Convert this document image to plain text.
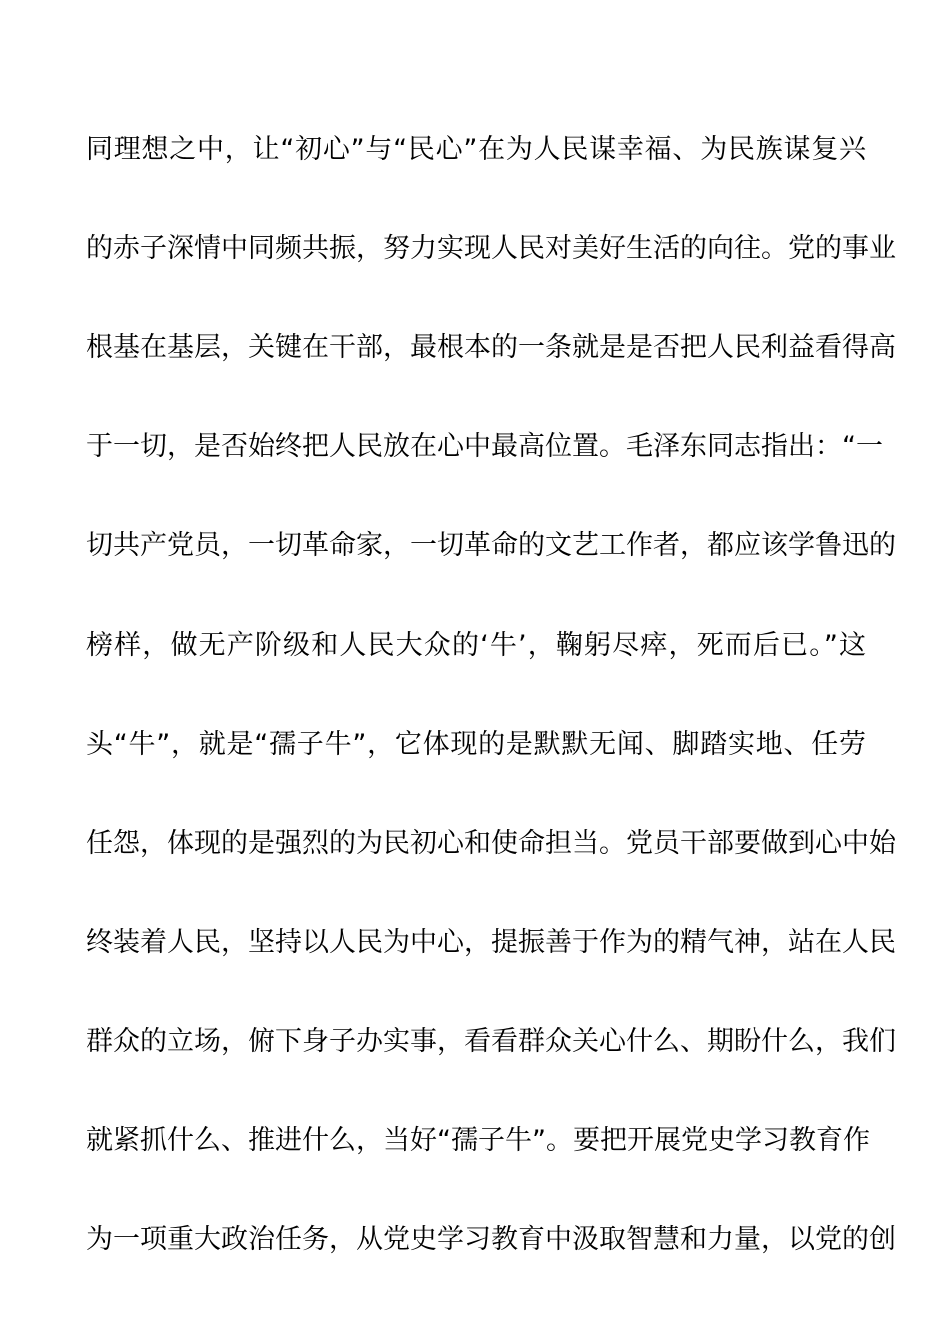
同理想之中，让“初心”与“民心”在为人民谋幸福、为民族谋复兴
的赤子深情中同频共振，努力实现人民对美好生活的向往。党的事业
根基在基层，关键在干部，最根本的一条就是是否把人民利益看得高
于一切，是否始终把人民放在心中最高位置。毛泽东同志指出：“一
切共产党员，一切革命家，一切革命的文艺工作者，都应该学鲁迅的
榜样，做无产阶级和人民大众的‘牛’，鞠躬尽瘁，死而后已。”这
头“牛”，就是“孺子牛”，它体现的是默默无闻、脚踏实地、任劳
任怨，体现的是强烈的为民初心和使命担当。党员干部要做到心中始
终装着人民，坚持以人民为中心，提振善于作为的精气神，站在人民
群众的立场，俯下身子办实事，看看群众关心什么、期盼什么，我们
就紧抓什么、推进什么，当好“孺子牛”。要把开展党史学习教育作
为一项重大政治任务，从党史学习教育中汲取智慧和力量，以党的创
